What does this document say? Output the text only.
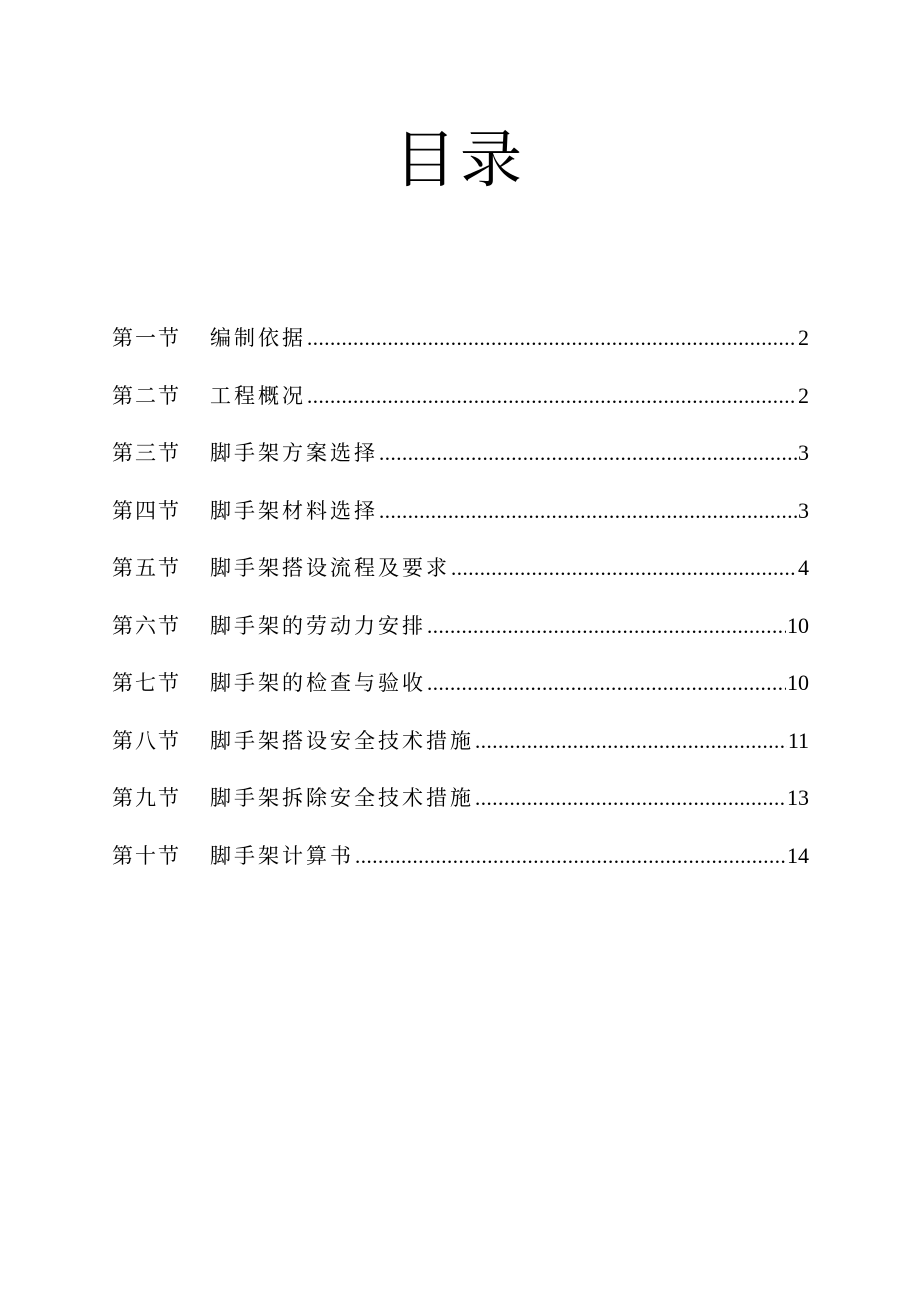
目录
第一节	编制依据 .....	2
第二节	工程概况 .....	2
第三节	脚手架方案选择 .....	3
第四节	脚手架材料选择 .....	3
第五节	脚手架搭设流程及要求 .....	4
第六节	脚手架的劳动力安排 .....	10
第七节	脚手架的检查与验收 .....	10
第八节	脚手架搭设安全技术措施 .....	11
第九节	脚手架拆除安全技术措施 .....	13
第十节	脚手架计算书 .....	14
